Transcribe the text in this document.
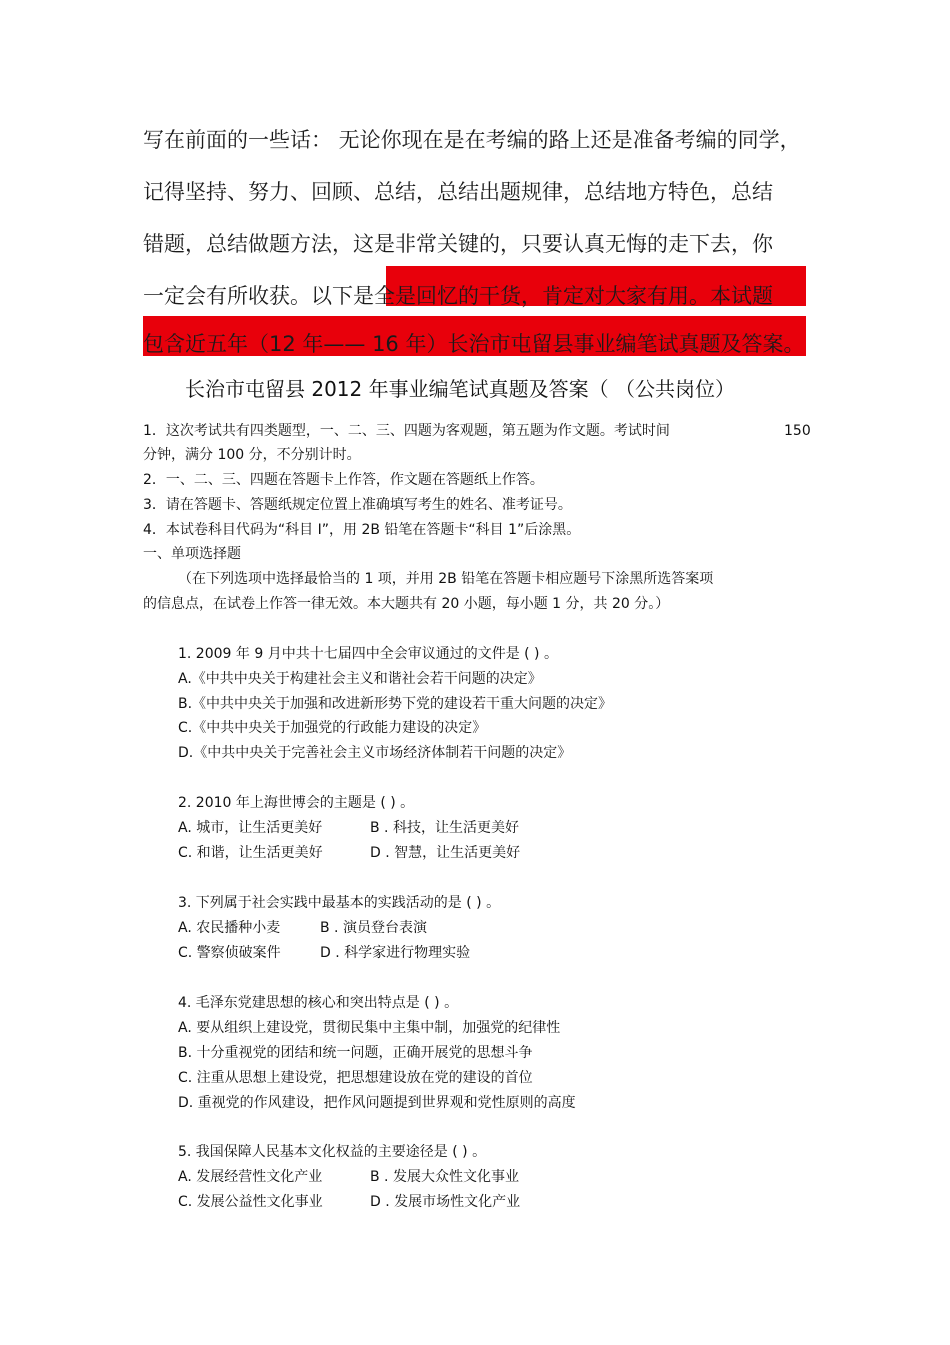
写在前面的一些话： 无论你现在是在考编的路上还是准备考编的同学，
记得坚持、努力、回顾、总结，总结出题规律，总结地方特色，总结
错题，总结做题方法，这是非常关键的，只要认真无悔的走下去，你
一定会有所收获。以下是全是回忆的干货，肯定对大家有用。本试题
包含近五年（12 年—— 16 年）长治市屯留县事业编笔试真题及答案。
长治市屯留县 2012 年事业编笔试真题及答案（ （公共岗位）
1．这次考试共有四类题型，一、二、三、四题为客观题，第五题为作文题。考试时间	150
分钟，满分 100 分，不分别计时。
2．一、二、三、四题在答题卡上作答，作文题在答题纸上作答。
3．请在答题卡、答题纸规定位置上准确填写考生的姓名、准考证号。
4．本试卷科目代码为“科目 Ⅰ”，用 2B 铅笔在答题卡“科目 1”后涂黑。
一、单项选择题
（在下列选项中选择最恰当的 1 项，并用 2B 铅笔在答题卡相应题号下涂黑所选答案项
的信息点，在试卷上作答一律无效。本大题共有 20 小题，每小题 1 分，共 20 分。）
1. 2009 年 9 月中共十七届四中全会审议通过的文件是 ( ) 。
A.《中共中央关于构建社会主义和谐社会若干问题的决定》
B.《中共中央关于加强和改进新形势下党的建设若干重大问题的决定》
C.《中共中央关于加强党的行政能力建设的决定》
D.《中共中央关于完善社会主义市场经济体制若干问题的决定》
2. 2010 年上海世博会的主题是 ( ) 。
A. 城市，让生活更美好	B . 科技，让生活更美好
C. 和谐，让生活更美好	D . 智慧，让生活更美好
3. 下列属于社会实践中最基本的实践活动的是 ( ) 。
A. 农民播种小麦	B . 演员登台表演
C. 警察侦破案件	D . 科学家进行物理实验
4. 毛泽东党建思想的核心和突出特点是 ( ) 。
A. 要从组织上建设党，贯彻民集中主集中制，加强党的纪律性
B. 十分重视党的团结和统一问题，正确开展党的思想斗争
C. 注重从思想上建设党，把思想建设放在党的建设的首位
D. 重视党的作风建设，把作风问题提到世界观和党性原则的高度
5. 我国保障人民基本文化权益的主要途径是 ( ) 。
A. 发展经营性文化产业	B . 发展大众性文化事业
C. 发展公益性文化事业	D . 发展市场性文化产业
